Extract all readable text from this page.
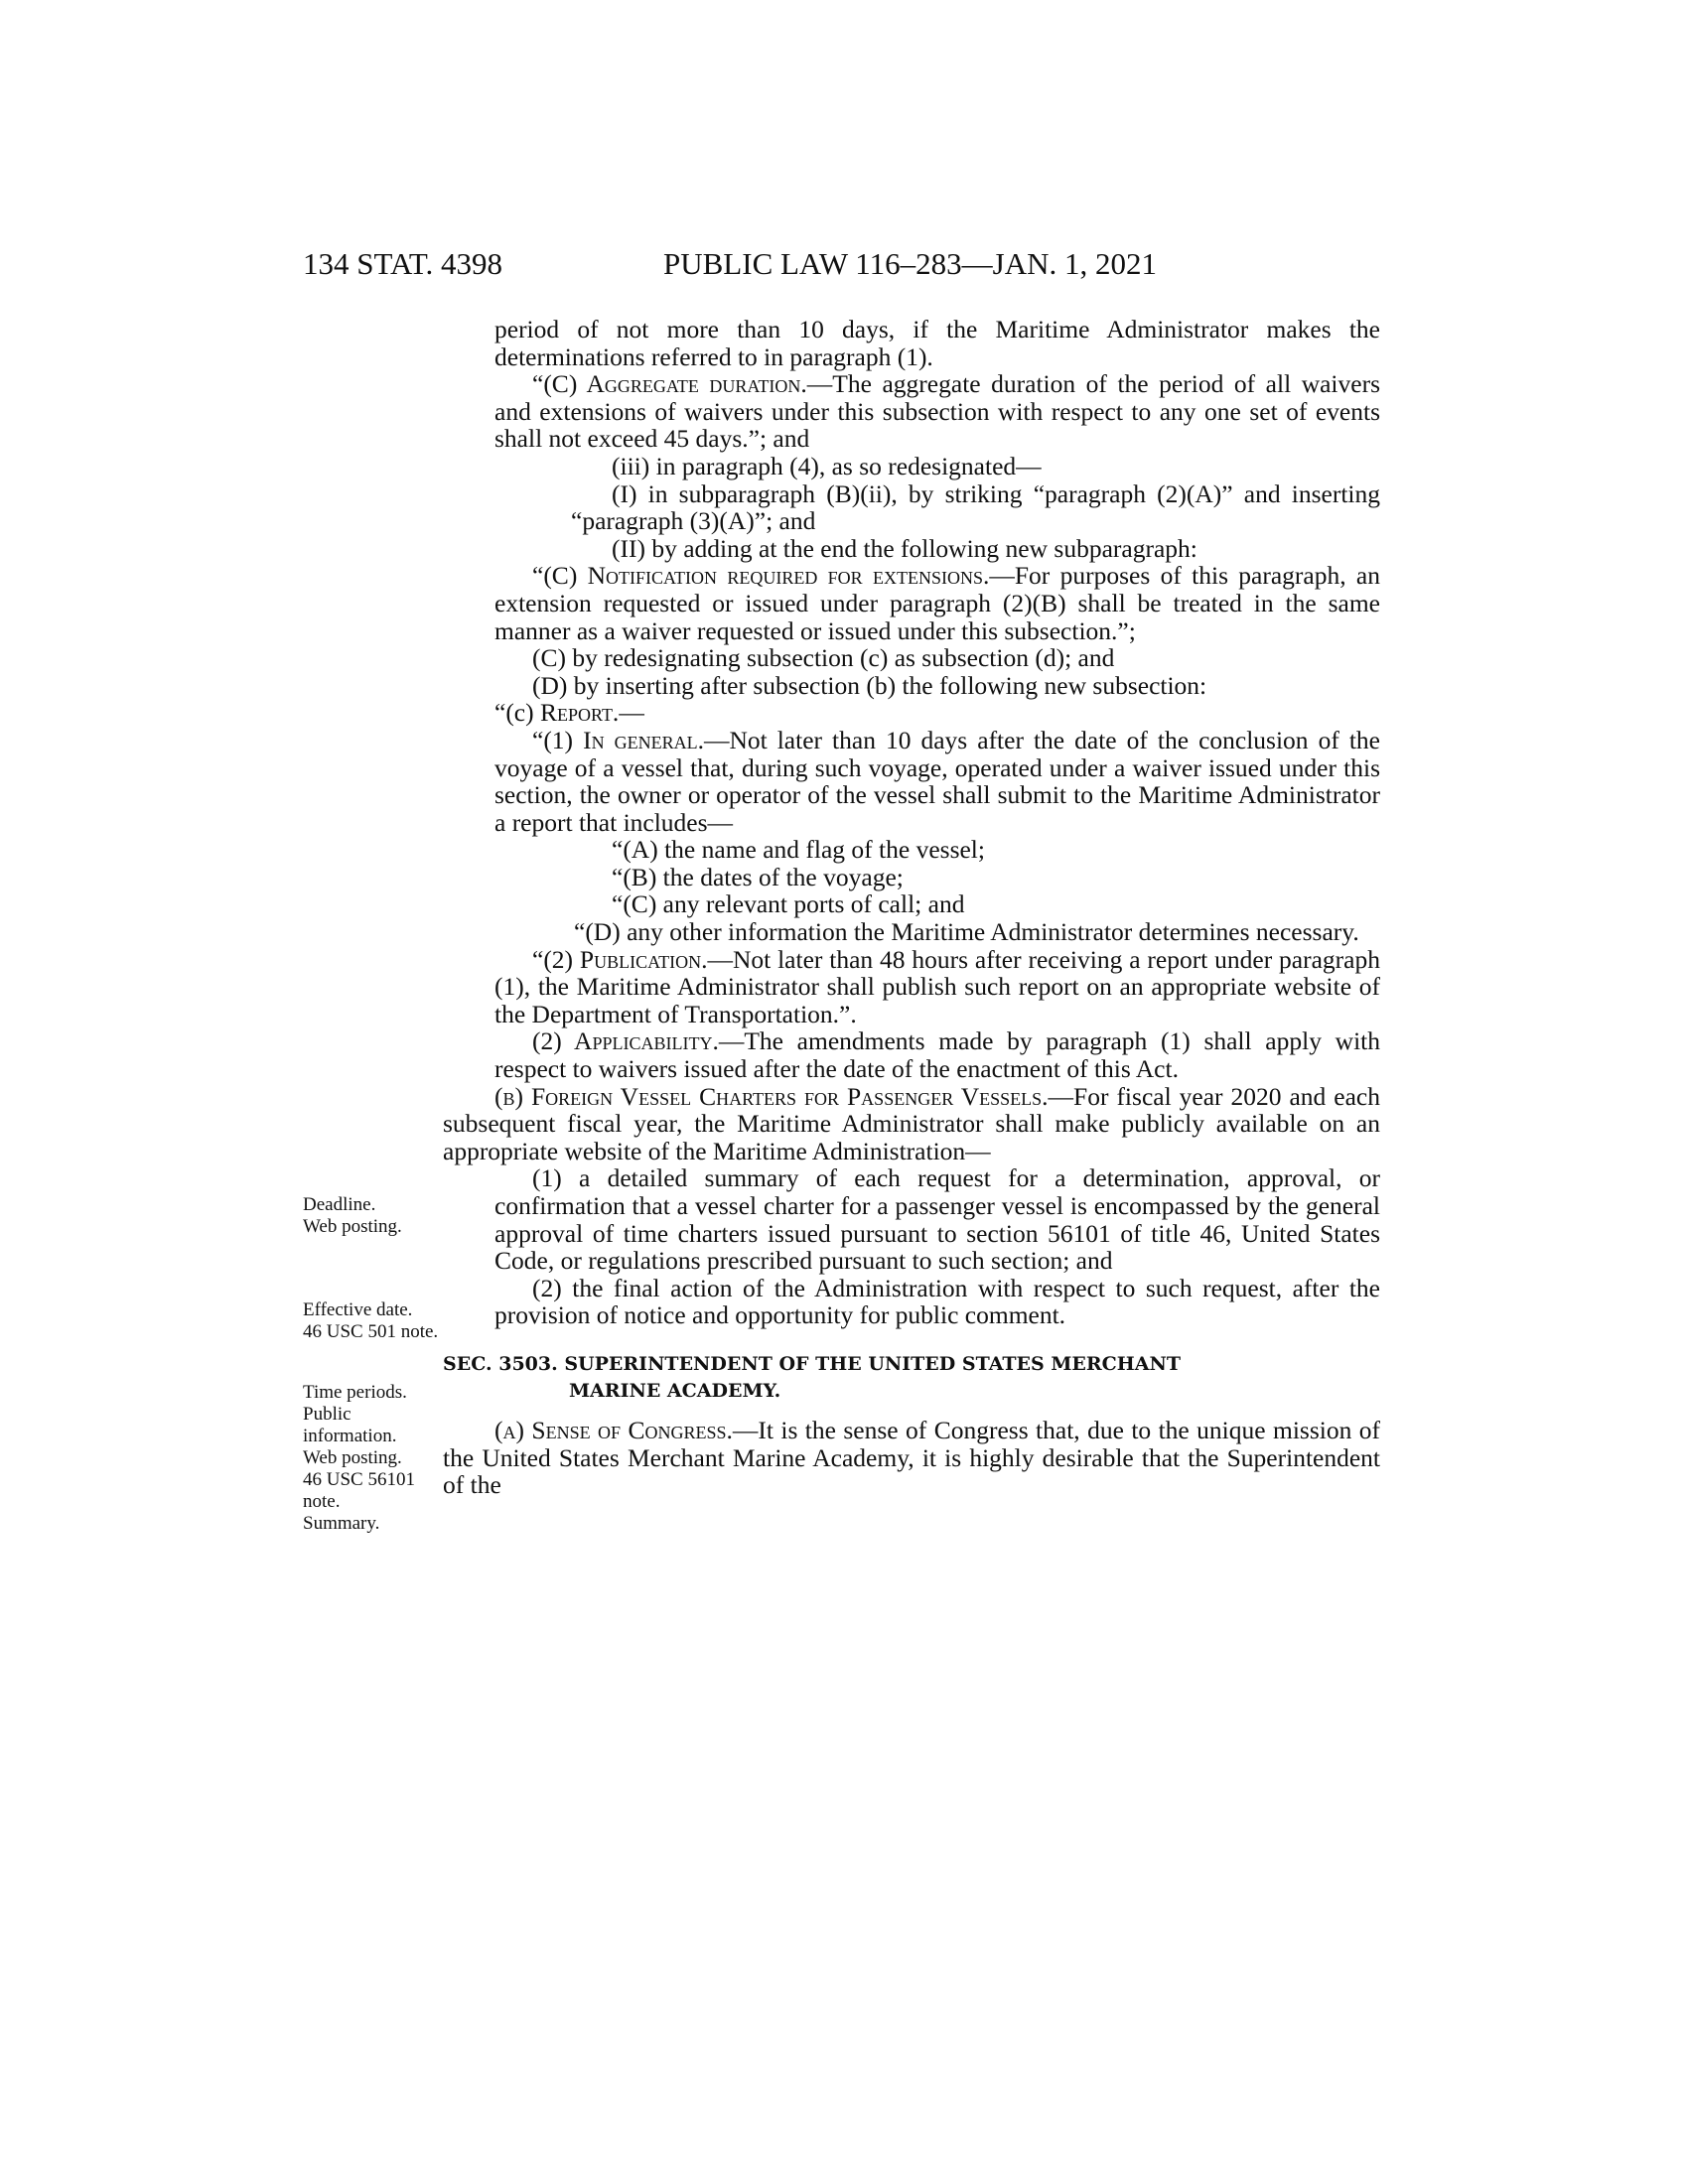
134 STAT. 4398	PUBLIC LAW 116–283—JAN. 1, 2021
Deadline.
Web posting.
Effective date.
46 USC 501 note.
Time periods.
Public
information.
Web posting.
46 USC 56101
note.
Summary.

period of not more than 10 days, if the Maritime Administrator makes the determinations referred to in paragraph (1).

“(C) Aggregate duration.—The aggregate duration of the period of all waivers and extensions of waivers under this subsection with respect to any one set of events shall not exceed 45 days.”; and

(iii) in paragraph (4), as so redesignated—

(I) in subparagraph (B)(ii), by striking “paragraph (2)(A)” and inserting “paragraph (3)(A)”; and

(II) by adding at the end the following new subparagraph:

“(C) Notification required for extensions.—For purposes of this paragraph, an extension requested or issued under paragraph (2)(B) shall be treated in the same manner as a waiver requested or issued under this subsection.”;

(C) by redesignating subsection (c) as subsection (d); and

(D) by inserting after subsection (b) the following new subsection:

“(c) Report.—

“(1) In general.—Not later than 10 days after the date of the conclusion of the voyage of a vessel that, during such voyage, operated under a waiver issued under this section, the owner or operator of the vessel shall submit to the Maritime Administrator a report that includes—

“(A) the name and flag of the vessel;

“(B) the dates of the voyage;

“(C) any relevant ports of call; and

“(D) any other information the Maritime Administrator determines necessary.

“(2) Publication.—Not later than 48 hours after receiving a report under paragraph (1), the Maritime Administrator shall publish such report on an appropriate website of the Department of Transportation.”.

(2) Applicability.—The amendments made by paragraph (1) shall apply with respect to waivers issued after the date of the enactment of this Act.

(b) Foreign Vessel Charters for Passenger Vessels.—For fiscal year 2020 and each subsequent fiscal year, the Maritime Administrator shall make publicly available on an appropriate website of the Maritime Administration—

(1) a detailed summary of each request for a determination, approval, or confirmation that a vessel charter for a passenger vessel is encompassed by the general approval of time charters issued pursuant to section 56101 of title 46, United States Code, or regulations prescribed pursuant to such section; and

(2) the final action of the Administration with respect to such request, after the provision of notice and opportunity for public comment.

SEC. 3503. SUPERINTENDENT OF THE UNITED STATES MERCHANT
MARINE ACADEMY.

(a) Sense of Congress.—It is the sense of Congress that, due to the unique mission of the United States Merchant Marine Academy, it is highly desirable that the Superintendent of the
